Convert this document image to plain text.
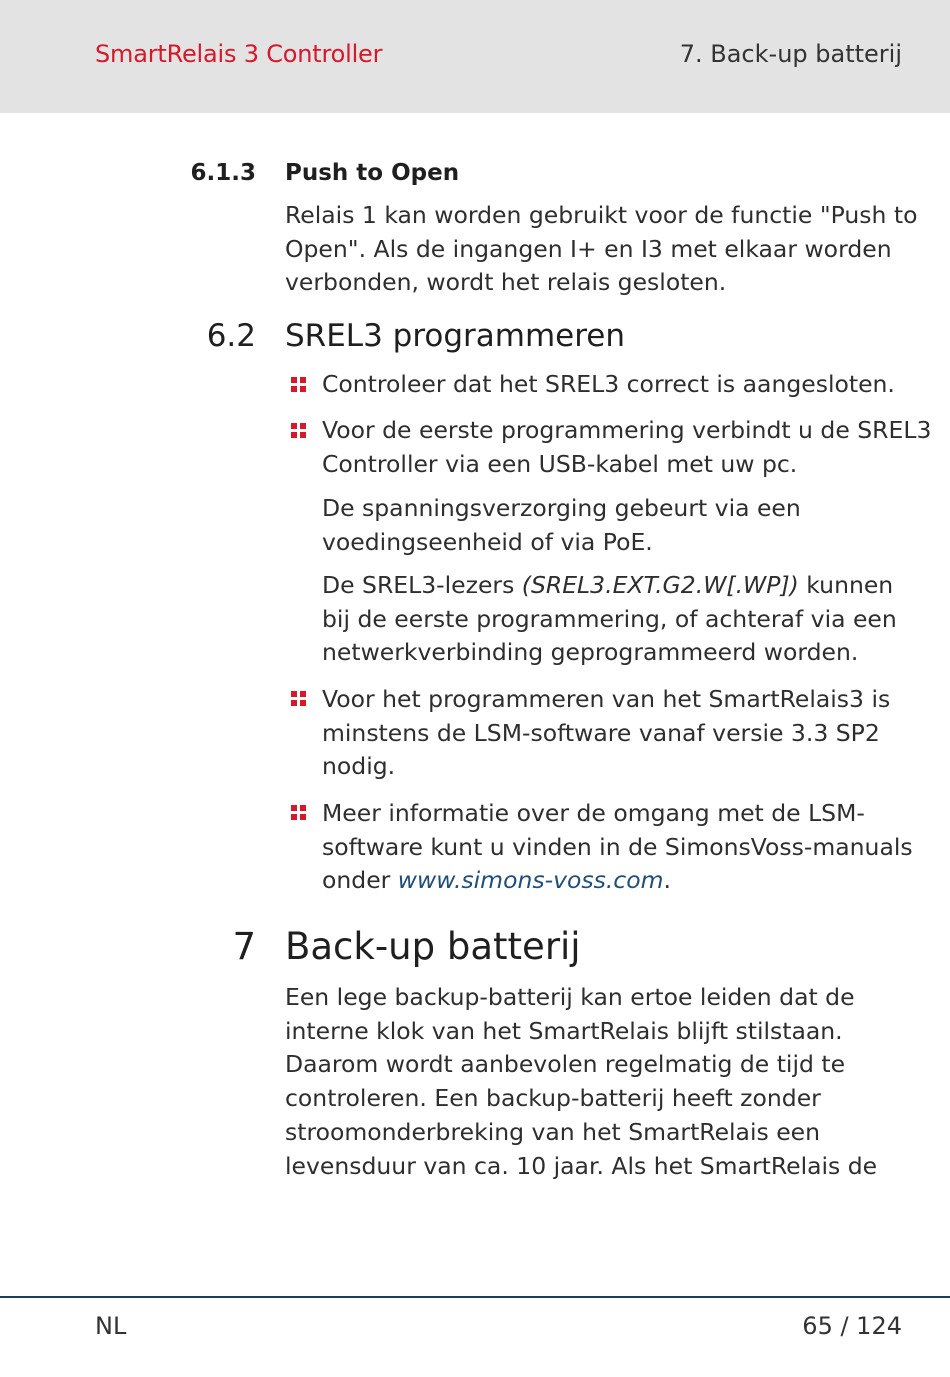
SmartRelais 3 Controller	7. Back-up batterij
6.1.3 Push to Open

Relais 1 kan worden gebruikt voor de functie "Push to
Open". Als de ingangen I+ en I3 met elkaar worden
verbonden, wordt het relais gesloten.

6.2 SREL3 programmeren

Controleer dat het SREL3 correct is aangesloten.

Voor de eerste programmering verbindt u de SREL3
Controller via een USB-kabel met uw pc.

De spanningsverzorging gebeurt via een
voedingseenheid of via PoE.

De SREL3-lezers (SREL3.EXT.G2.W[.WP]) kunnen
bij de eerste programmering, of achteraf via een
netwerkverbinding geprogrammeerd worden.

Voor het programmeren van het SmartRelais3 is
minstens de LSM-software vanaf versie 3.3 SP2
nodig.

Meer informatie over de omgang met de LSM-
software kunt u vinden in de SimonsVoss-manuals
onder www.simons-voss.com.

7 Back-up batterij

Een lege backup-batterij kan ertoe leiden dat de
interne klok van het SmartRelais blijft stilstaan.
Daarom wordt aanbevolen regelmatig de tijd te
controleren. Een backup-batterij heeft zonder
stroomonderbreking van het SmartRelais een
levensduur van ca. 10 jaar. Als het SmartRelais de

NL	65 / 124
